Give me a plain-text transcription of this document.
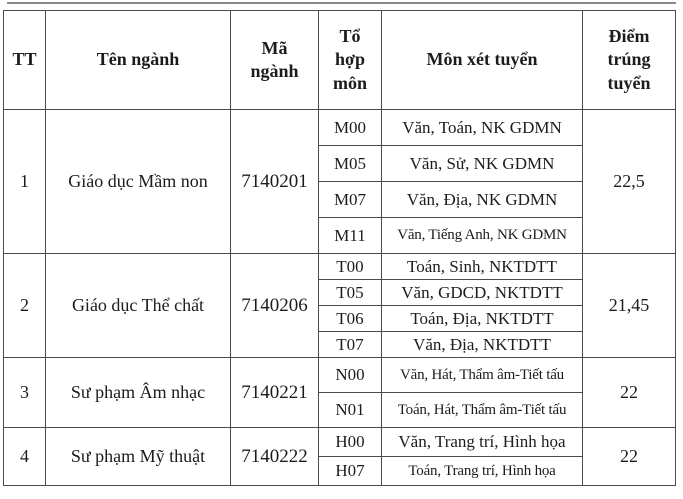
TT	Tên ngành	Mã ngành	Tổ hợp môn	Môn xét tuyển	Điểm trúng tuyển
1	Giáo dục Mầm non	7140201	M00	Văn, Toán, NK GDMN	22,5
			M05	Văn, Sử, NK GDMN	
			M07	Văn, Địa, NK GDMN	
			M11	Văn, Tiếng Anh, NK GDMN	
2	Giáo dục Thể chất	7140206	T00	Toán, Sinh, NKTDTT	21,45
			T05	Văn, GDCD, NKTDTT	
			T06	Toán, Địa, NKTDTT	
			T07	Văn, Địa, NKTDTT	
3	Sư phạm Âm nhạc	7140221	N00	Văn, Hát, Thẩm âm-Tiết tấu	22
			N01	Toán, Hát, Thẩm âm-Tiết tấu	
4	Sư phạm Mỹ thuật	7140222	H00	Văn, Trang trí, Hình họa	22
			H07	Toán, Trang trí, Hình họa	
